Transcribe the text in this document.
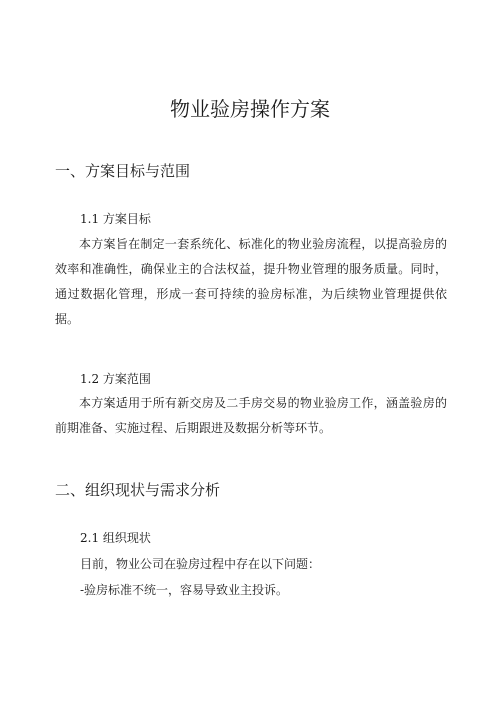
物业验房操作方案
一、方案目标与范围

1.1 方案目标

本方案旨在制定一套系统化、标准化的物业验房流程，以提高验房的效率和准确性，确保业主的合法权益，提升物业管理的服务质量。同时，通过数据化管理，形成一套可持续的验房标准，为后续物业管理提供依据。

1.2 方案范围

本方案适用于所有新交房及二手房交易的物业验房工作，涵盖验房的前期准备、实施过程、后期跟进及数据分析等环节。

二、组织现状与需求分析

2.1 组织现状

目前，物业公司在验房过程中存在以下问题：

-验房标准不统一，容易导致业主投诉。
